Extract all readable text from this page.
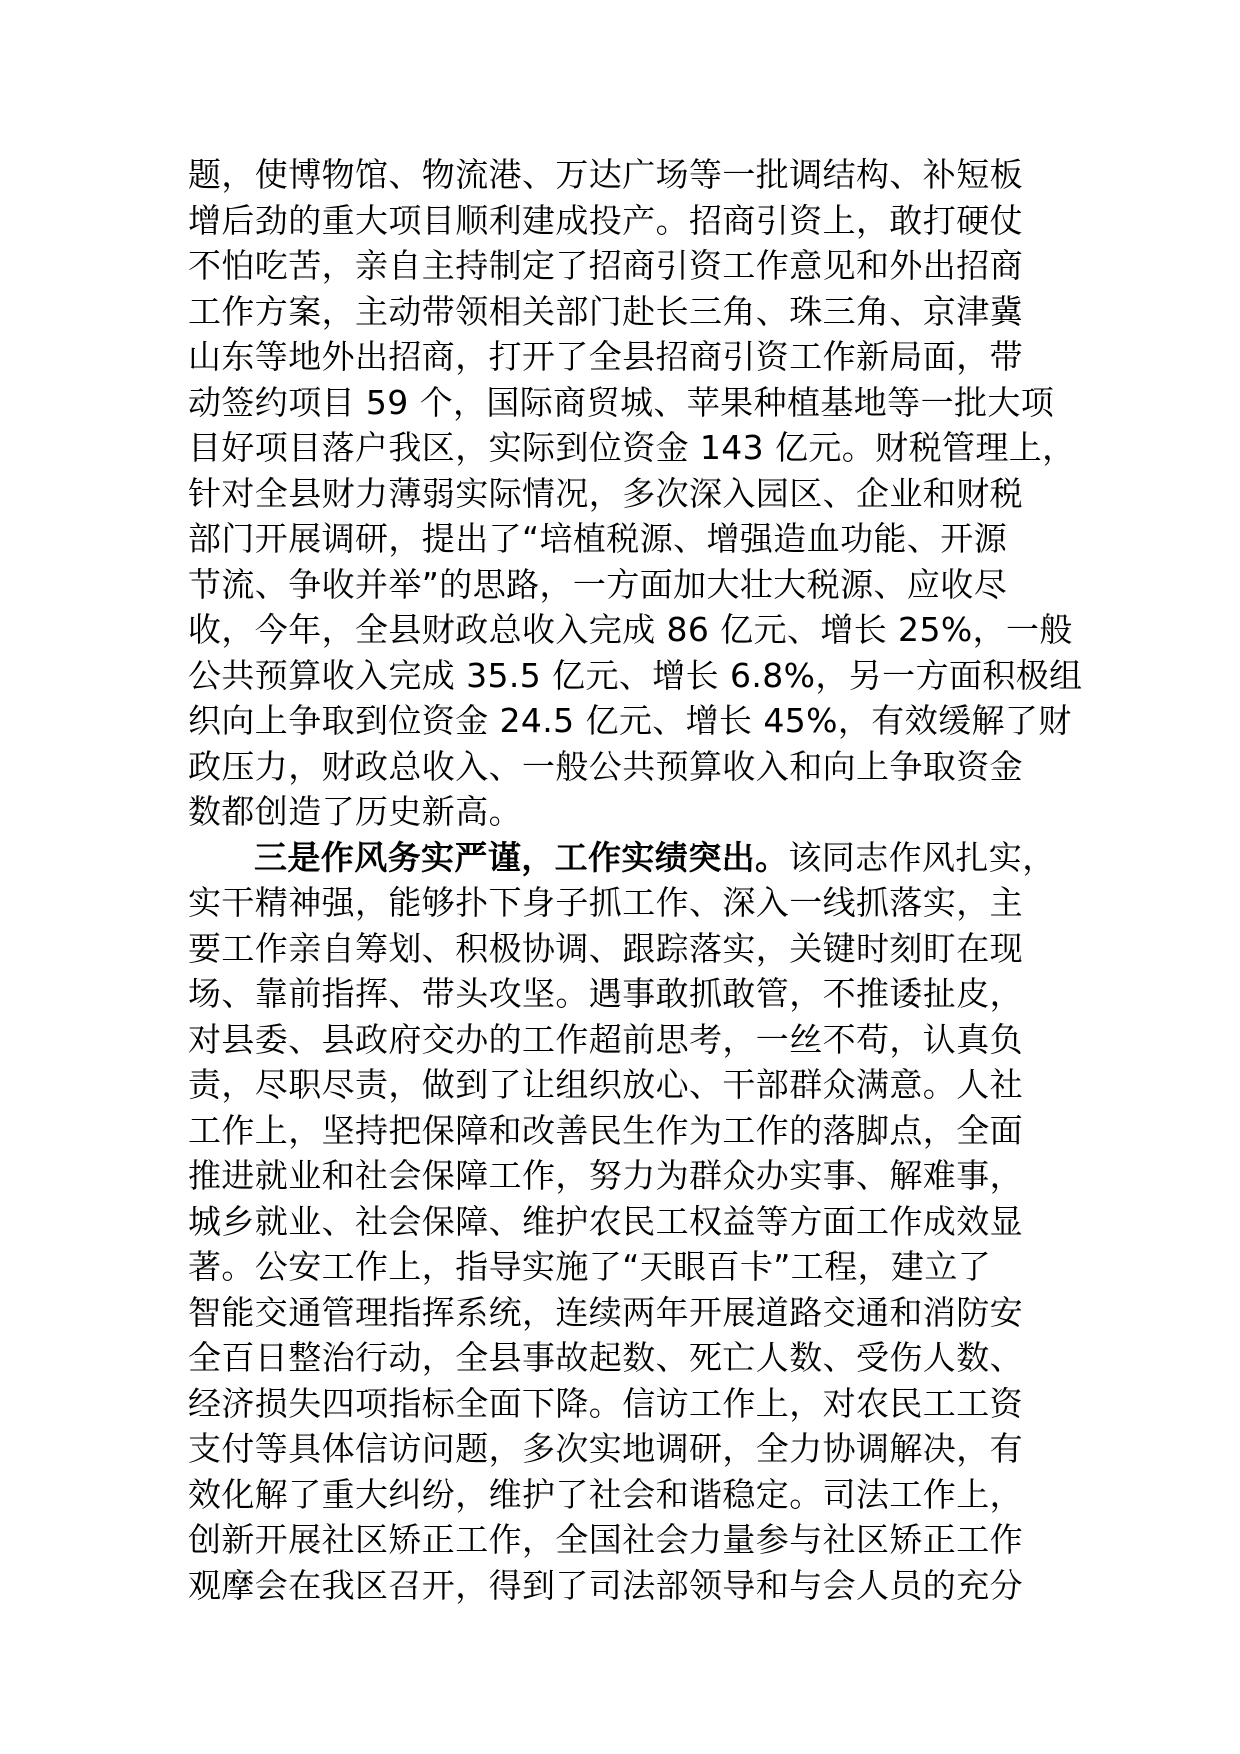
题，使博物馆、物流港、万达广场等一批调结构、补短板
增后劲的重大项目顺利建成投产。招商引资上，敢打硬仗
不怕吃苦，亲自主持制定了招商引资工作意见和外出招商
工作方案，主动带领相关部门赴长三角、珠三角、京津冀
山东等地外出招商，打开了全县招商引资工作新局面，带
动签约项目 59 个，国际商贸城、苹果种植基地等一批大项
目好项目落户我区，实际到位资金 143 亿元。财税管理上，
针对全县财力薄弱实际情况，多次深入园区、企业和财税
部门开展调研，提出了“培植税源、增强造血功能、开源
节流、争收并举”的思路，一方面加大壮大税源、应收尽
收，今年，全县财政总收入完成 86 亿元、增长 25%，一般
公共预算收入完成 35.5 亿元、增长 6.8%，另一方面积极组
织向上争取到位资金 24.5 亿元、增长 45%，有效缓解了财
政压力，财政总收入、一般公共预算收入和向上争取资金
数都创造了历史新高。
三是作风务实严谨，工作实绩突出。该同志作风扎实，
实干精神强，能够扑下身子抓工作、深入一线抓落实，主
要工作亲自筹划、积极协调、跟踪落实，关键时刻盯在现
场、靠前指挥、带头攻坚。遇事敢抓敢管，不推诿扯皮，
对县委、县政府交办的工作超前思考，一丝不苟，认真负
责，尽职尽责，做到了让组织放心、干部群众满意。人社
工作上，坚持把保障和改善民生作为工作的落脚点，全面
推进就业和社会保障工作，努力为群众办实事、解难事，
城乡就业、社会保障、维护农民工权益等方面工作成效显
著。公安工作上，指导实施了“天眼百卡”工程，建立了
智能交通管理指挥系统，连续两年开展道路交通和消防安
全百日整治行动，全县事故起数、死亡人数、受伤人数、
经济损失四项指标全面下降。信访工作上，对农民工工资
支付等具体信访问题，多次实地调研，全力协调解决，有
效化解了重大纠纷，维护了社会和谐稳定。司法工作上，
创新开展社区矫正工作，全国社会力量参与社区矫正工作
观摩会在我区召开，得到了司法部领导和与会人员的充分
